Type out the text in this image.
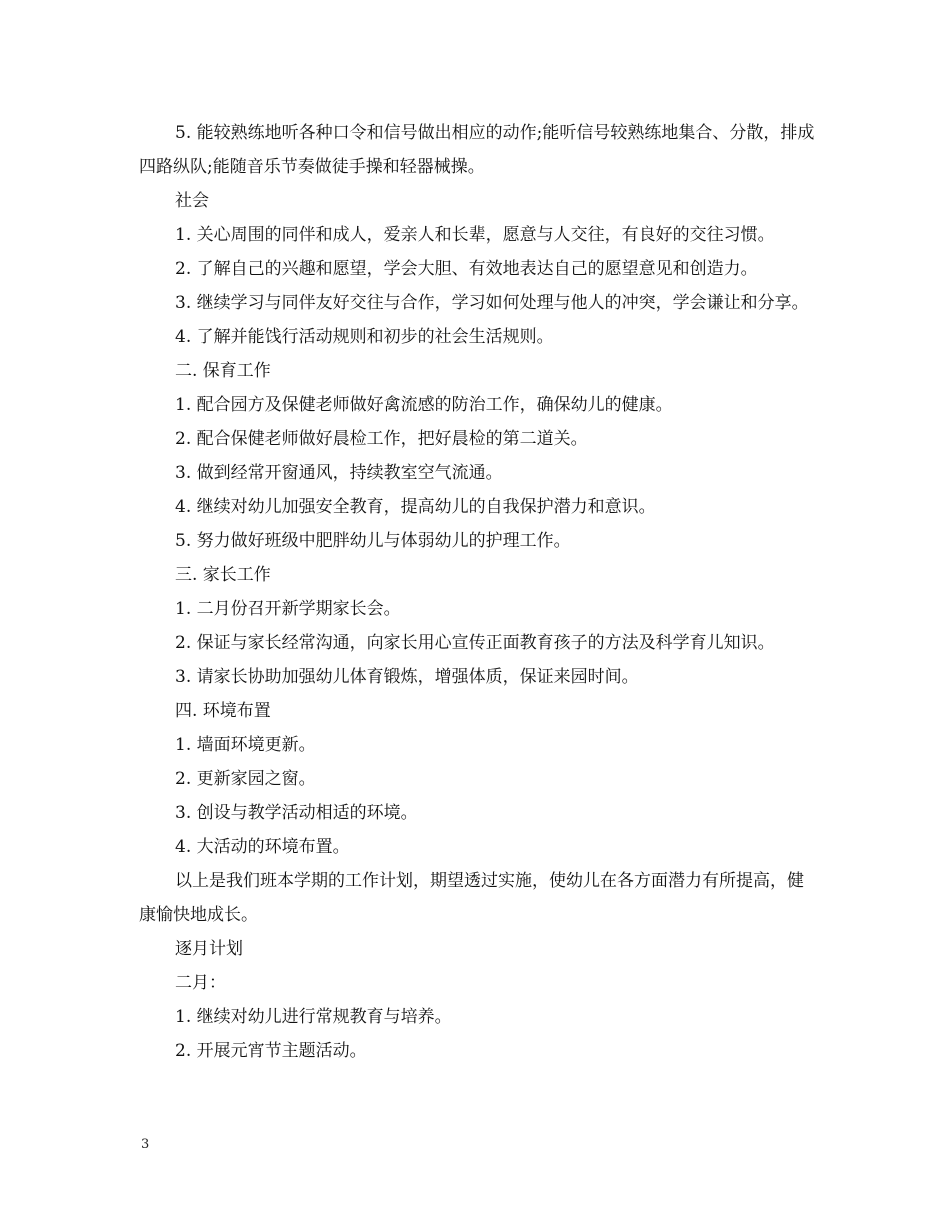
5. 能较熟练地听各种口令和信号做出相应的动作;能听信号较熟练地集合、分散，排成四路纵队;能随音乐节奏做徒手操和轻器械操。

社会

1. 关心周围的同伴和成人，爱亲人和长辈，愿意与人交往，有良好的交往习惯。

2. 了解自己的兴趣和愿望，学会大胆、有效地表达自己的愿望意见和创造力。

3. 继续学习与同伴友好交往与合作，学习如何处理与他人的冲突，学会谦让和分享。

4. 了解并能饯行活动规则和初步的社会生活规则。

二. 保育工作

1. 配合园方及保健老师做好禽流感的防治工作，确保幼儿的健康。

2. 配合保健老师做好晨检工作，把好晨检的第二道关。

3. 做到经常开窗通风，持续教室空气流通。

4. 继续对幼儿加强安全教育，提高幼儿的自我保护潜力和意识。

5. 努力做好班级中肥胖幼儿与体弱幼儿的护理工作。

三. 家长工作

1. 二月份召开新学期家长会。

2. 保证与家长经常沟通，向家长用心宣传正面教育孩子的方法及科学育儿知识。

3. 请家长协助加强幼儿体育锻炼，增强体质，保证来园时间。

四. 环境布置

1. 墙面环境更新。

2. 更新家园之窗。

3. 创设与教学活动相适的环境。

4. 大活动的环境布置。

以上是我们班本学期的工作计划，期望透过实施，使幼儿在各方面潜力有所提高，健康愉快地成长。

逐月计划

二月：

1. 继续对幼儿进行常规教育与培养。

2. 开展元宵节主题活动。

3
